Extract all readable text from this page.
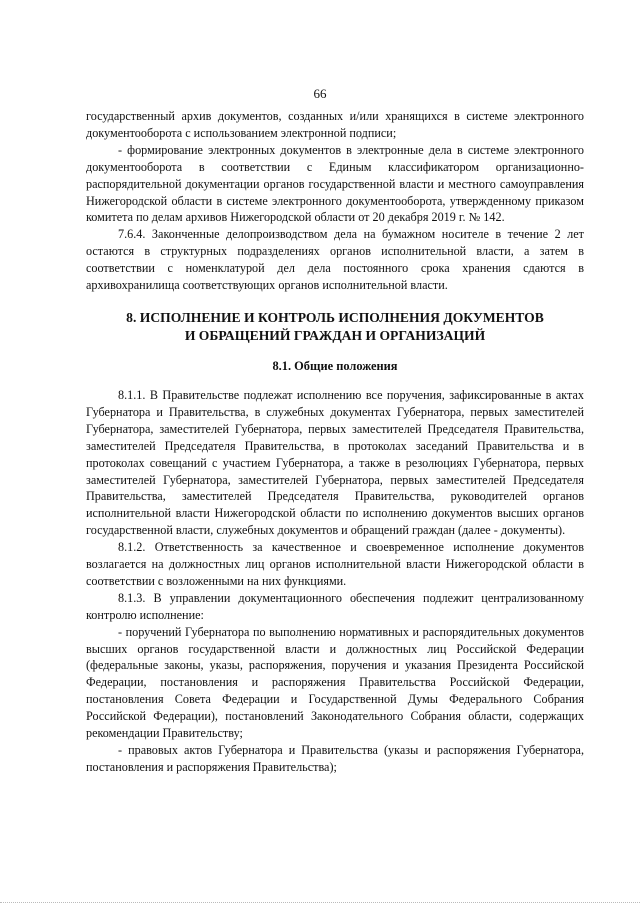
66

государственный архив документов, созданных и/или хранящихся в системе электронного документооборота с использованием электронной подписи;

- формирование электронных документов в электронные дела в системе электронного документооборота в соответствии с Единым классификатором организационно-распорядительной документации органов государственной власти и местного самоуправления Нижегородской области в системе электронного документооборота, утвержденному приказом комитета по делам архивов Нижегородской области от 20 декабря 2019 г. № 142.

7.6.4. Законченные делопроизводством дела на бумажном носителе в течение 2 лет остаются в структурных подразделениях органов исполнительной власти, а затем в соответствии с номенклатурой дел дела постоянного срока хранения сдаются в архивохранилища соответствующих органов исполнительной власти.

8. ИСПОЛНЕНИЕ И КОНТРОЛЬ ИСПОЛНЕНИЯ ДОКУМЕНТОВ
И ОБРАЩЕНИЙ ГРАЖДАН И ОРГАНИЗАЦИЙ
8.1. Общие положения

8.1.1. В Правительстве подлежат исполнению все поручения, зафиксированные в актах Губернатора и Правительства, в служебных документах Губернатора, первых заместителей Губернатора, заместителей Губернатора, первых заместителей Председателя Правительства, заместителей Председателя Правительства, в протоколах заседаний Правительства и в протоколах совещаний с участием Губернатора, а также в резолюциях Губернатора, первых заместителей Губернатора, заместителей Губернатора, первых заместителей Председателя Правительства, заместителей Председателя Правительства, руководителей органов исполнительной власти Нижегородской области по исполнению документов высших органов государственной власти, служебных документов и обращений граждан (далее - документы).

8.1.2. Ответственность за качественное и своевременное исполнение документов возлагается на должностных лиц органов исполнительной власти Нижегородской области в соответствии с возложенными на них функциями.

8.1.3. В управлении документационного обеспечения подлежит централизованному контролю исполнение:

- поручений Губернатора по выполнению нормативных и распорядительных документов высших органов государственной власти и должностных лиц Российской Федерации (федеральные законы, указы, распоряжения, поручения и указания Президента Российской Федерации, постановления и распоряжения Правительства Российской Федерации, постановления Совета Федерации и Государственной Думы Федерального Собрания Российской Федерации), постановлений Законодательного Собрания области, содержащих рекомендации Правительству;

- правовых актов Губернатора и Правительства (указы и распоряжения Губернатора, постановления и распоряжения Правительства);
